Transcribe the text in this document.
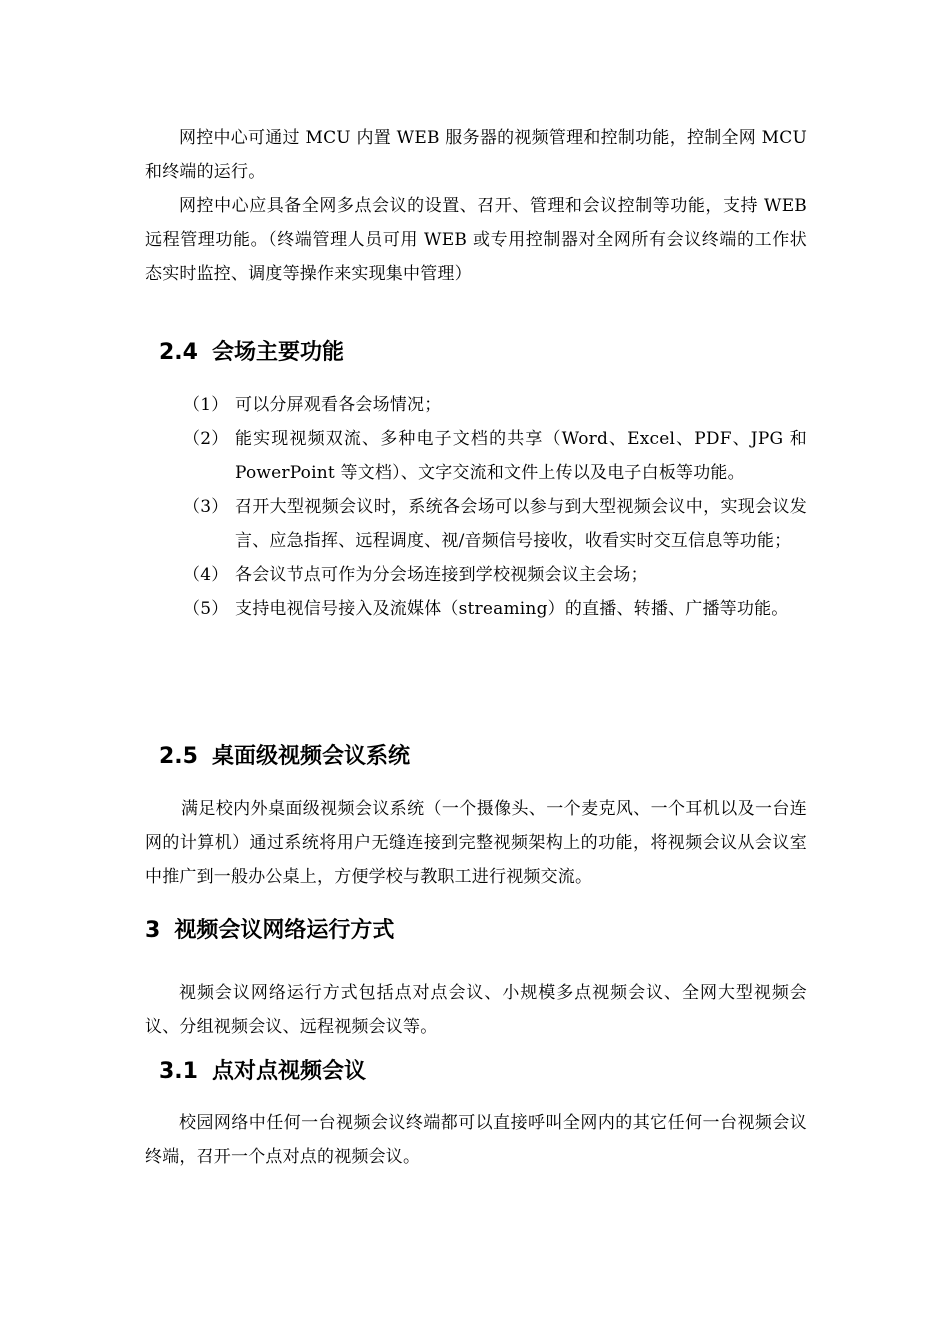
网控中心可通过 MCU 内置 WEB 服务器的视频管理和控制功能，控制全网 MCU 和终端的运行。

网控中心应具备全网多点会议的设置、召开、管理和会议控制等功能，支持 WEB 远程管理功能。（终端管理人员可用 WEB 或专用控制器对全网所有会议终端的工作状态实时监控、调度等操作来实现集中管理）

2.4 会场主要功能
（1） 可以分屏观看各会场情况；
（2） 能实现视频双流、多种电子文档的共享（Word、Excel、PDF、JPG 和 PowerPoint 等文档）、文字交流和文件上传以及电子白板等功能。
（3） 召开大型视频会议时，系统各会场可以参与到大型视频会议中，实现会议发言、应急指挥、远程调度、视/音频信号接收，收看实时交互信息等功能；
（4） 各会议节点可作为分会场连接到学校视频会议主会场；
（5） 支持电视信号接入及流媒体（streaming）的直播、转播、广播等功能。
2.5 桌面级视频会议系统

满足校内外桌面级视频会议系统（一个摄像头、一个麦克风、一个耳机以及一台连网的计算机）通过系统将用户无缝连接到完整视频架构上的功能，将视频会议从会议室中推广到一般办公桌上，方便学校与教职工进行视频交流。

3 视频会议网络运行方式

视频会议网络运行方式包括点对点会议、小规模多点视频会议、全网大型视频会议、分组视频会议、远程视频会议等。

3.1 点对点视频会议

校园网络中任何一台视频会议终端都可以直接呼叫全网内的其它任何一台视频会议终端，召开一个点对点的视频会议。
